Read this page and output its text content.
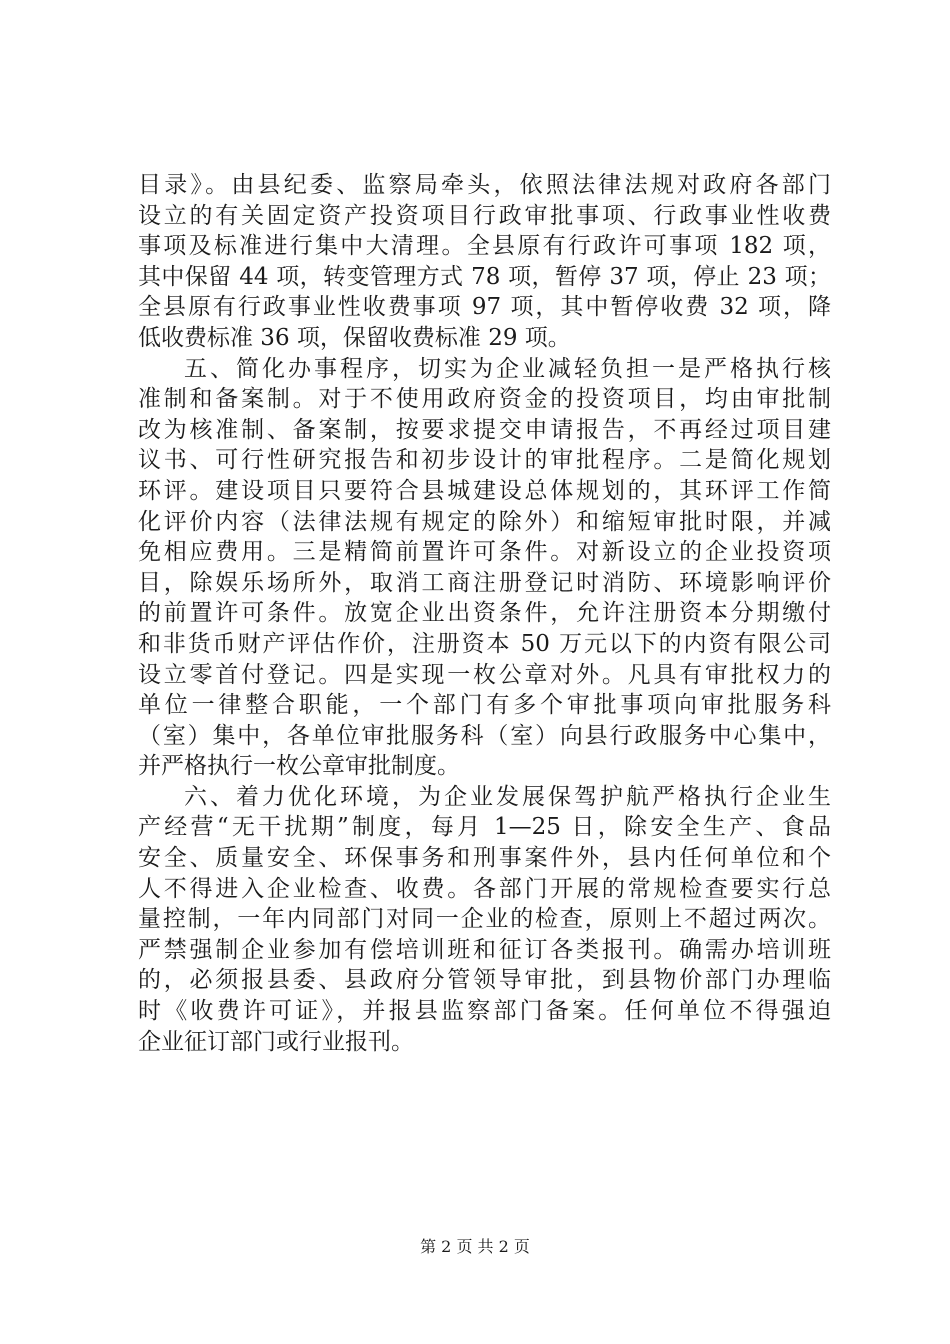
目录》。由县纪委、监察局牵头，依照法律法规对政府各部门
设立的有关固定资产投资项目行政审批事项、行政事业性收费
事项及标准进行集中大清理。全县原有行政许可事项 182 项，
其中保留 44 项，转变管理方式 78 项，暂停 37 项，停止 23 项；
全县原有行政事业性收费事项 97 项，其中暂停收费 32 项，降
低收费标准 36 项，保留收费标准 29 项。
五、简化办事程序，切实为企业减轻负担一是严格执行核
准制和备案制。对于不使用政府资金的投资项目，均由审批制
改为核准制、备案制，按要求提交申请报告，不再经过项目建
议书、可行性研究报告和初步设计的审批程序。二是简化规划
环评。建设项目只要符合县城建设总体规划的，其环评工作简
化评价内容（法律法规有规定的除外）和缩短审批时限，并减
免相应费用。三是精简前置许可条件。对新设立的企业投资项
目，除娱乐场所外，取消工商注册登记时消防、环境影响评价
的前置许可条件。放宽企业出资条件，允许注册资本分期缴付
和非货币财产评估作价，注册资本 50 万元以下的内资有限公司
设立零首付登记。四是实现一枚公章对外。凡具有审批权力的
单位一律整合职能，一个部门有多个审批事项向审批服务科
（室）集中，各单位审批服务科（室）向县行政服务中心集中，
并严格执行一枚公章审批制度。
六、着力优化环境，为企业发展保驾护航严格执行企业生
产经营“无干扰期”制度，每月 1—25 日，除安全生产、食品
安全、质量安全、环保事务和刑事案件外，县内任何单位和个
人不得进入企业检查、收费。各部门开展的常规检查要实行总
量控制，一年内同部门对同一企业的检查，原则上不超过两次。
严禁强制企业参加有偿培训班和征订各类报刊。确需办培训班
的，必须报县委、县政府分管领导审批，到县物价部门办理临
时《收费许可证》，并报县监察部门备案。任何单位不得强迫
企业征订部门或行业报刊。
第 2 页 共 2 页
